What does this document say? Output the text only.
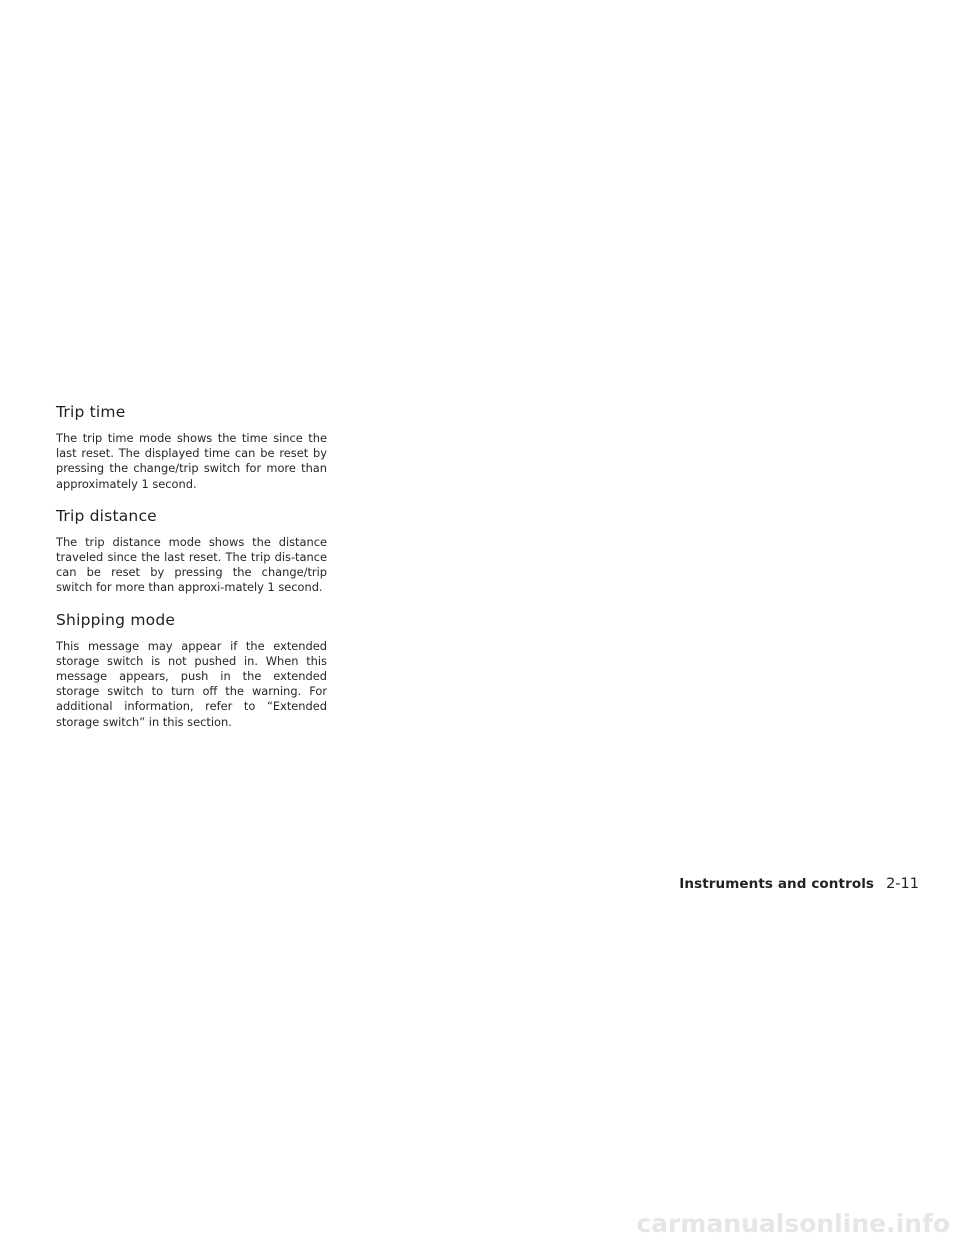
Trip time

The trip time mode shows the time since the last reset. The displayed time can be reset by pressing the change/trip switch for more than approximately 1 second.

Trip distance

The trip distance mode shows the distance traveled since the last reset. The trip dis-tance can be reset by pressing the change/trip switch for more than approxi-mately 1 second.

Shipping mode

This message may appear if the extended storage switch is not pushed in. When this message appears, push in the extended storage switch to turn off the warning. For additional information, refer to “Extended storage switch” in this section.

Instruments and controls 2-11
carmanualsonline.info
